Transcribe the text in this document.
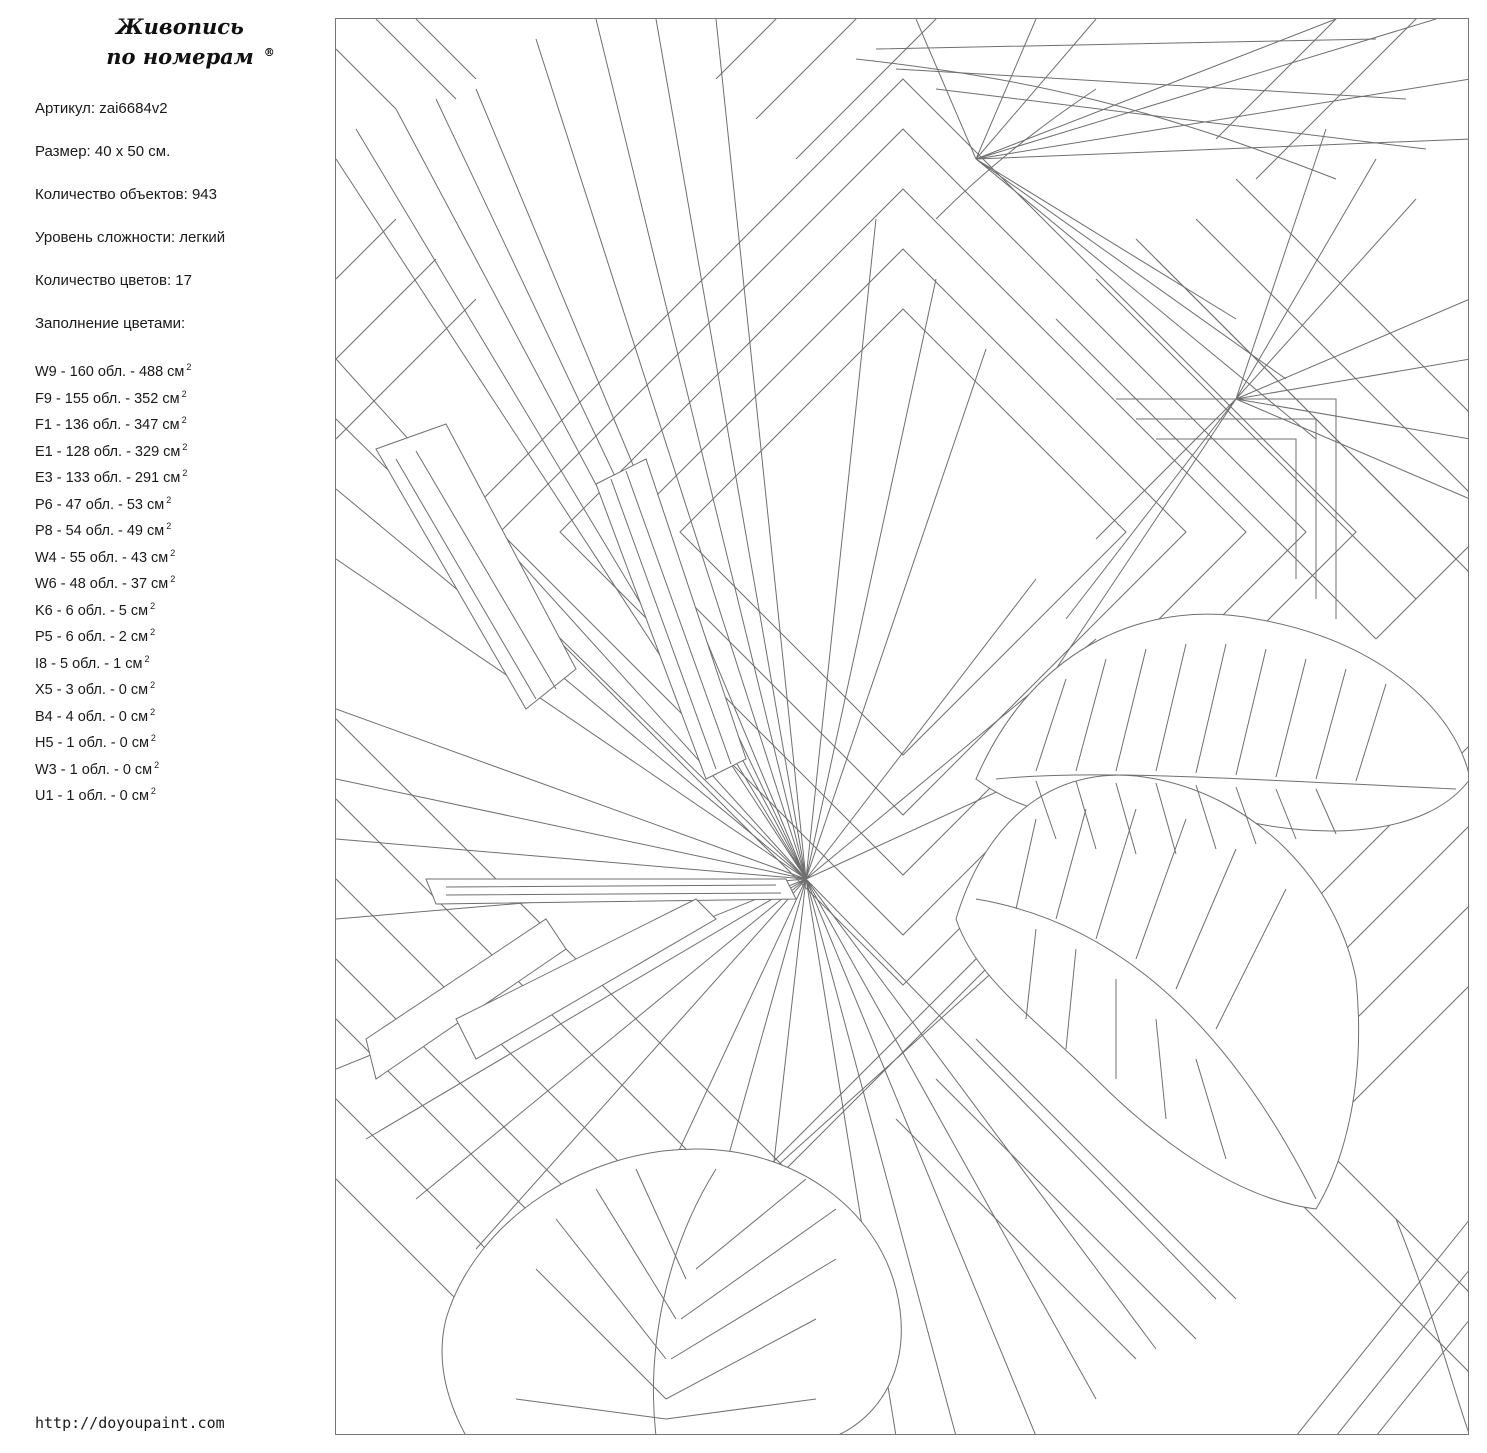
Живопись
по номерам ®
Артикул: zai6684v2
Размер: 40 x 50 см.
Количество объектов: 943
Уровень сложности: легкий
Количество цветов: 17
Заполнение цветами:
W9 - 160 обл. - 488 см $^2$
F9 - 155 обл. - 352 см $^2$
F1 - 136 обл. - 347 см $^2$
E1 - 128 обл. - 329 см $^2$
E3 - 133 обл. - 291 см $^2$
P6 - 47 обл. - 53 см $^2$
P8 - 54 обл. - 49 см $^2$
W4 - 55 обл. - 43 см $^2$
W6 - 48 обл. - 37 см $^2$
K6 - 6 обл. - 5 см $^2$
P5 - 6 обл. - 2 см $^2$
I8 - 5 обл. - 1 см $^2$
X5 - 3 обл. - 0 см $^2$
B4 - 4 обл. - 0 см $^2$
H5 - 1 обл. - 0 см $^2$
W3 - 1 обл. - 0 см $^2$
U1 - 1 обл. - 0 см $^2$
http://doyoupaint.com
